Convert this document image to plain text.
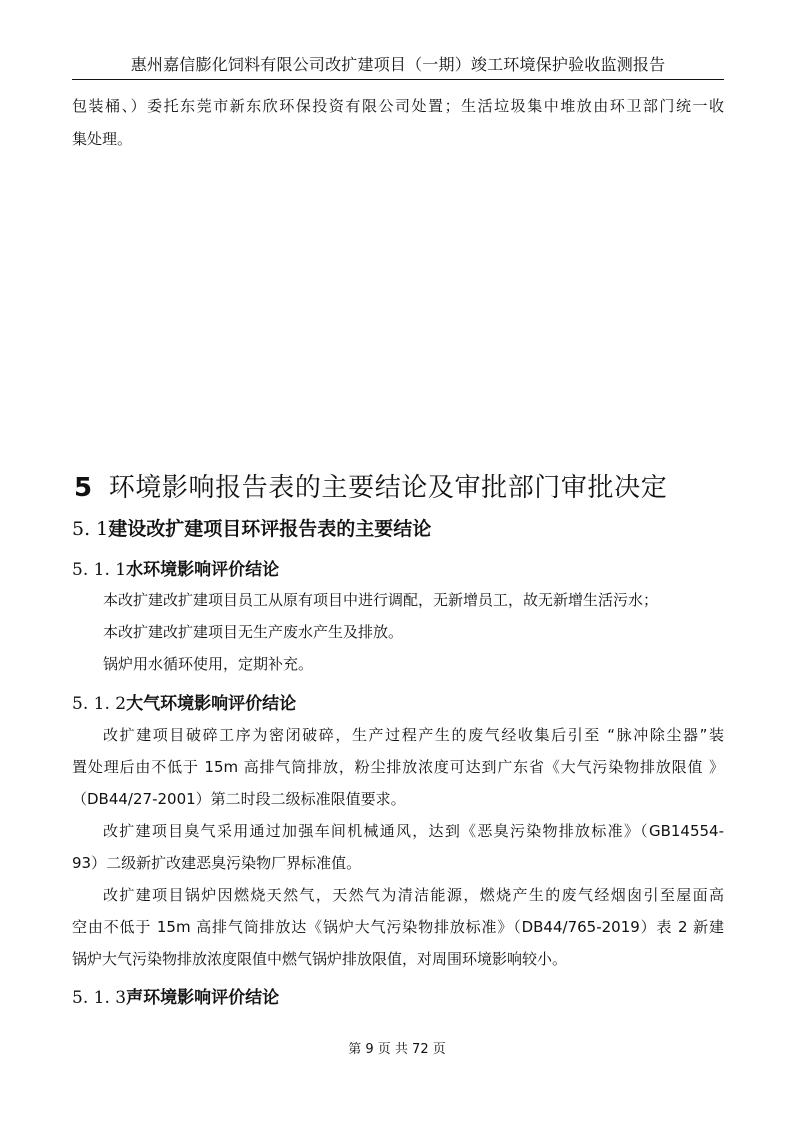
惠州嘉信膨化饲料有限公司改扩建项目（一期）竣工环境保护验收监测报告
包装桶、）委托东莞市新东欣环保投资有限公司处置；生活垃圾集中堆放由环卫部门统一收
集处理。
5 环境影响报告表的主要结论及审批部门审批决定
5. 1建设改扩建项目环评报告表的主要结论
5. 1. 1水环境影响评价结论
本改扩建改扩建项目员工从原有项目中进行调配，无新增员工，故无新增生活污水；
本改扩建改扩建项目无生产废水产生及排放。
锅炉用水循环使用，定期补充。
5. 1. 2大气环境影响评价结论
改扩建项目破碎工序为密闭破碎，生产过程产生的废气经收集后引至 “脉冲除尘器”装
置处理后由不低于 15m 高排气筒排放，粉尘排放浓度可达到广东省《大气污染物排放限值 》
（DB44/27-2001）第二时段二级标准限值要求。
改扩建项目臭气采用通过加强车间机械通风，达到《恶臭污染物排放标准》（GB14554-
93）二级新扩改建恶臭污染物厂界标准值。
改扩建项目锅炉因燃烧天然气，天然气为清洁能源，燃烧产生的废气经烟囱引至屋面高
空由不低于 15m 高排气筒排放达《锅炉大气污染物排放标准》（DB44/765-2019）表 2 新建
锅炉大气污染物排放浓度限值中燃气锅炉排放限值，对周围环境影响较小。
5. 1. 3声环境影响评价结论
第 9 页 共 72 页
